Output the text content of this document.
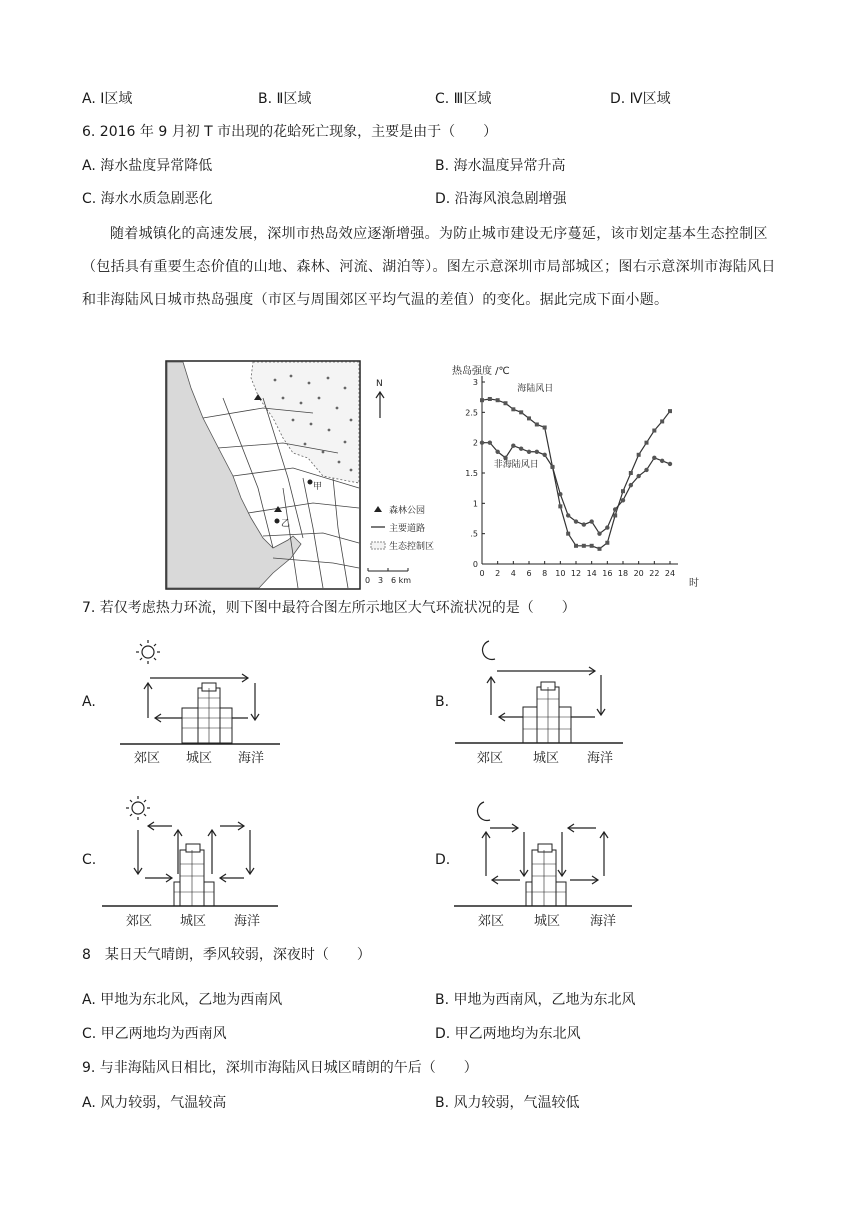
A. Ⅰ区域	B. Ⅱ区域	C. Ⅲ区域	D. Ⅳ区域
6. 2016 年 9 月初 T 市出现的花蛤死亡现象，主要是由于（　　）
A. 海水盐度异常降低	B. 海水温度异常升高
C. 海水水质急剧恶化	D. 沿海风浪急剧增强
随着城镇化的高速发展，深圳市热岛效应逐渐增强。为防止城市建设无序蔓延，该市划定基本生态控制区（包括具有重要生态价值的山地、森林、河流、湖泊等）。图左示意深圳市局部城区；图右示意深圳市海陆风日和非海陆风日城市热岛强度（市区与周围郊区平均气温的差值）的变化。据此完成下面小题。
甲
乙
N
森林公园
主要道路
生态控制区
0 3 6 km
热岛强度 /℃
时
0
.5
1
1.5
2
2.5
3
0 2 4 6 8 10 12 14 16 18 20 22 24
海陆风日
非海陆风日
7. 若仅考虑热力环流，则下图中最符合图左所示地区大气环流状况的是（　　）
A.	B.
C.	D.
郊区 城区 海洋	郊区 城区 海洋
郊区 城区 海洋	郊区 城区 海洋
8　某日天气晴朗，季风较弱，深夜时（　　）
A. 甲地为东北风，乙地为西南风	B. 甲地为西南风，乙地为东北风
C. 甲乙两地均为西南风	D. 甲乙两地均为东北风
9. 与非海陆风日相比，深圳市海陆风日城区晴朗的午后（　　）
A. 风力较弱，气温较高	B. 风力较弱，气温较低
